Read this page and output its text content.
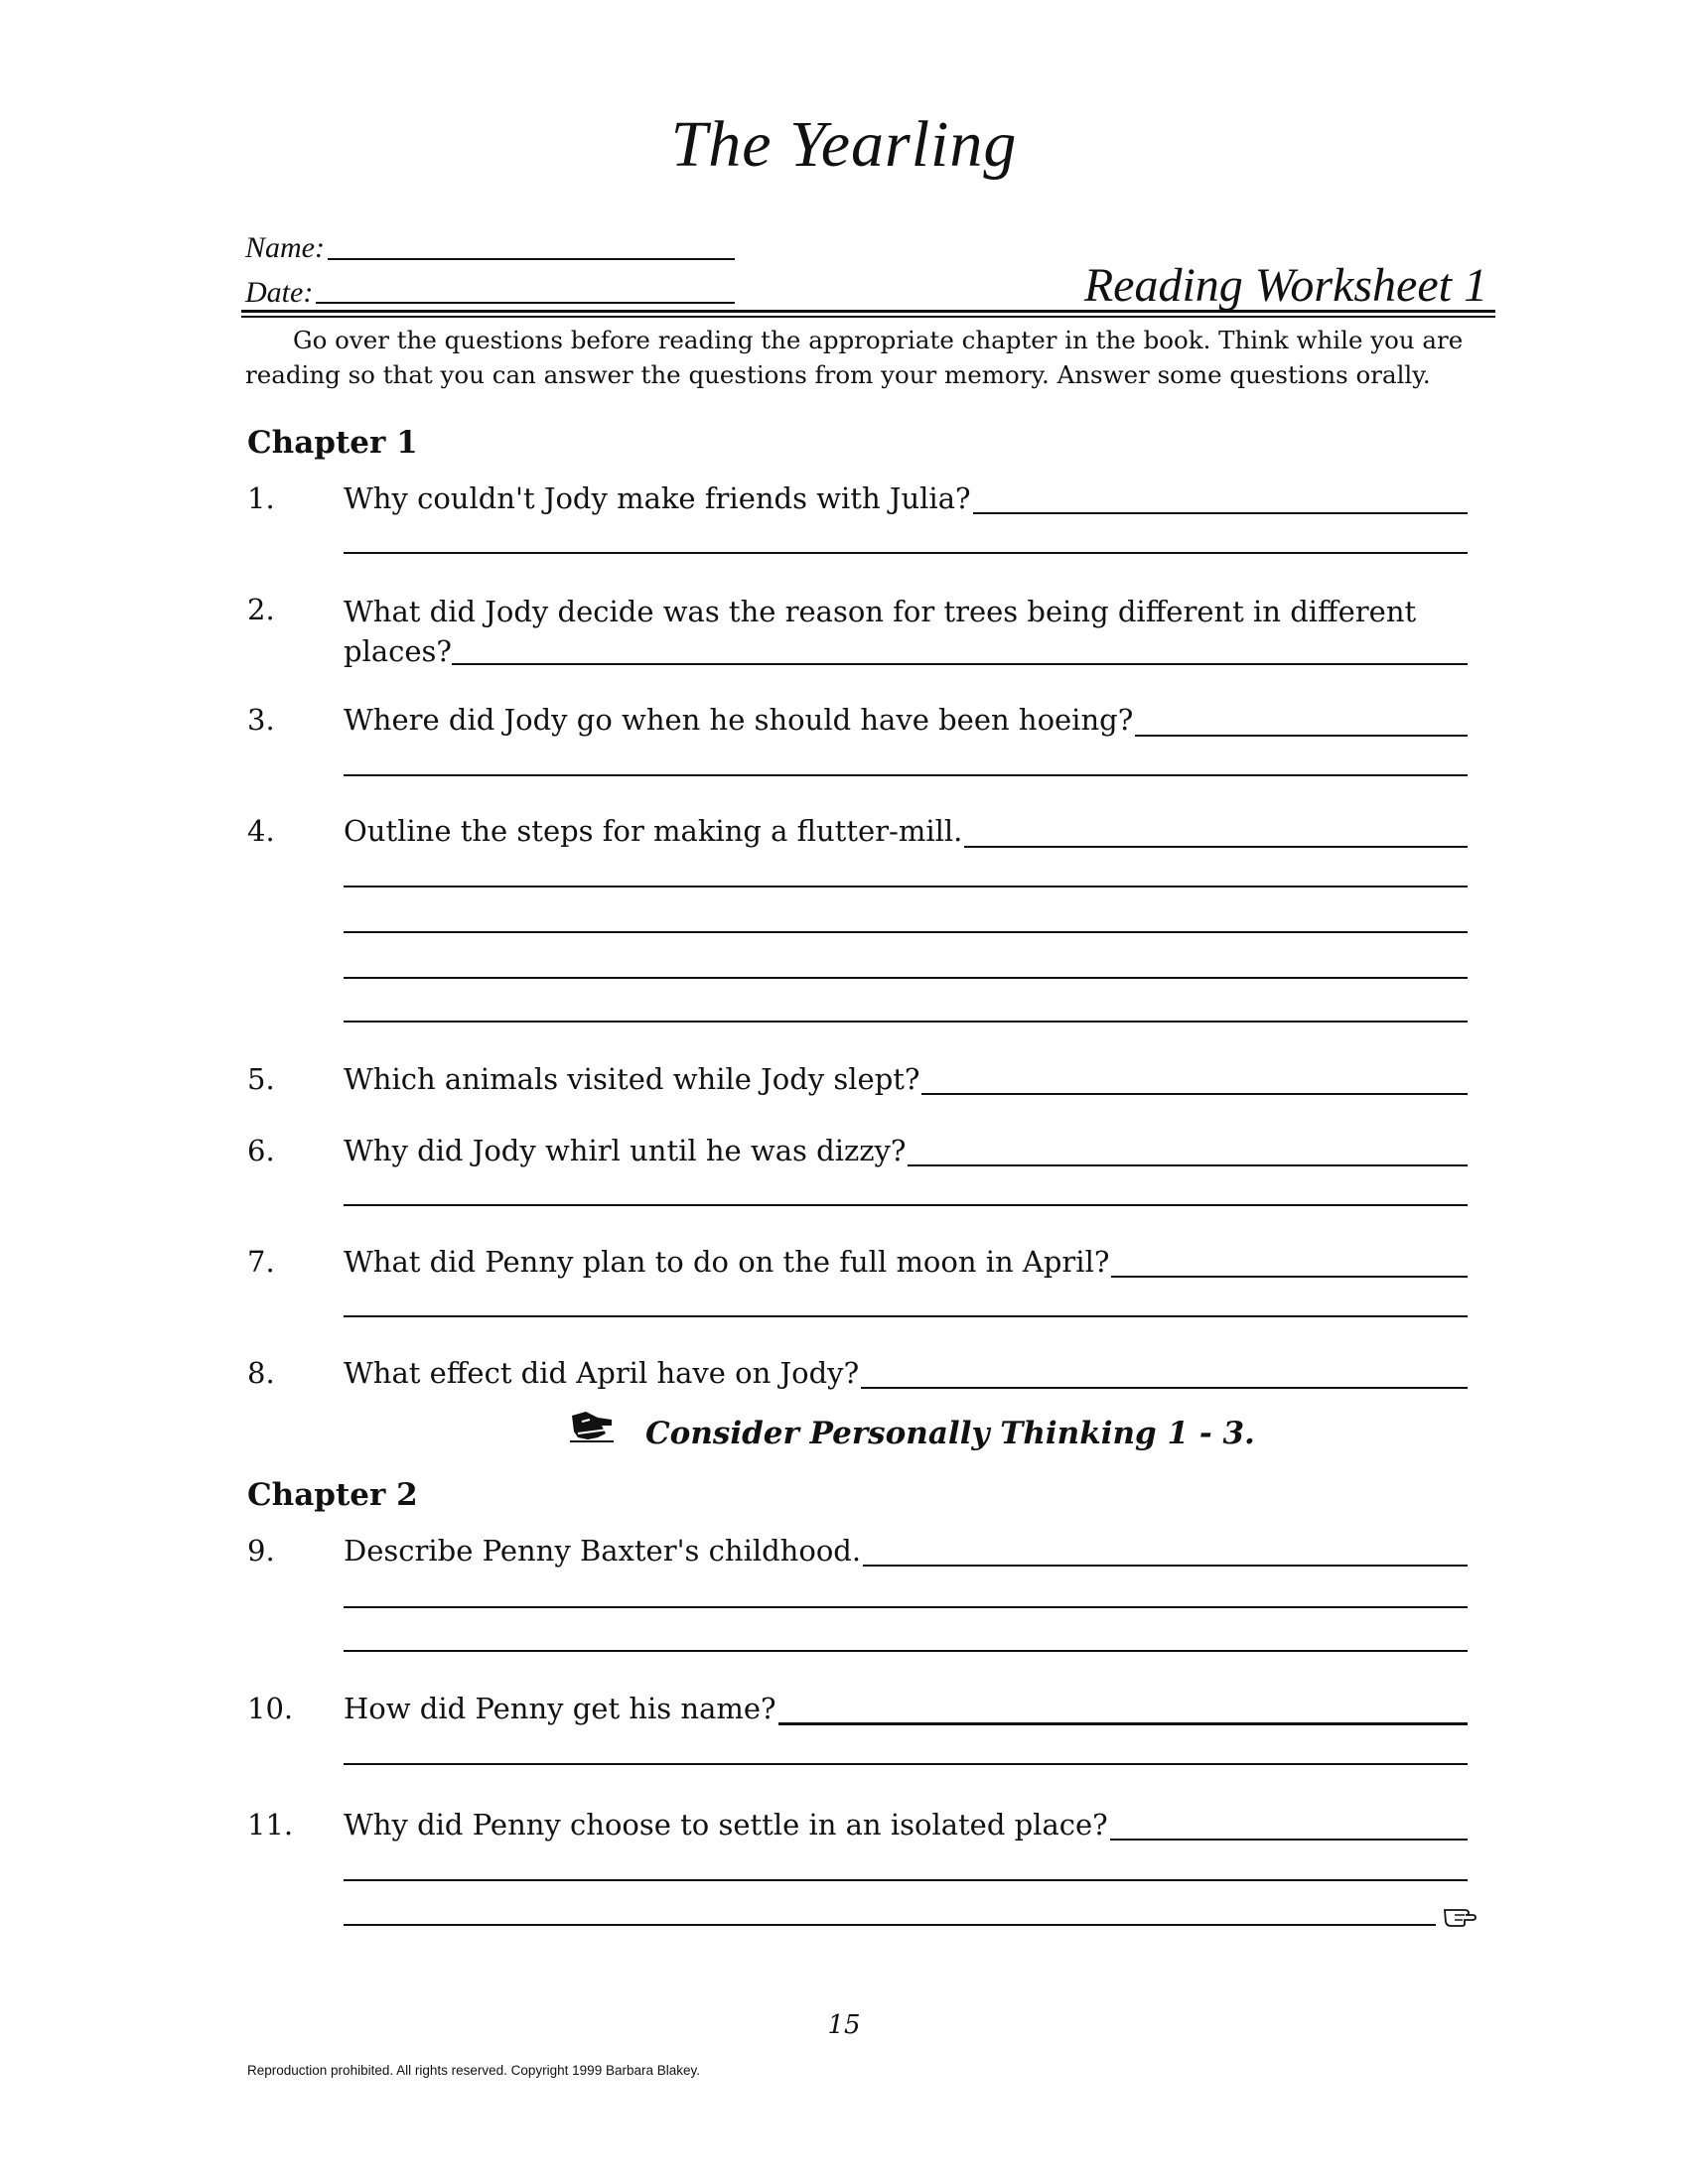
The Yearling
Name:
Date:	Reading Worksheet 1
Go over the questions before reading the appropriate chapter in the book. Think while you are
reading so that you can answer the questions from your memory. Answer some questions orally.
Chapter 1
1. Why couldn't Jody make friends with Julia?
2. What did Jody decide was the reason for trees being different in different places?
3. Where did Jody go when he should have been hoeing?
4. Outline the steps for making a flutter-mill.
5. Which animals visited while Jody slept?
6. Why did Jody whirl until he was dizzy?
7. What did Penny plan to do on the full moon in April?
8. What effect did April have on Jody?
Consider Personally Thinking 1 - 3.
Chapter 2
9. Describe Penny Baxter's childhood.
10. How did Penny get his name?
11. Why did Penny choose to settle in an isolated place?
15
Reproduction prohibited. All rights reserved. Copyright 1999 Barbara Blakey.
